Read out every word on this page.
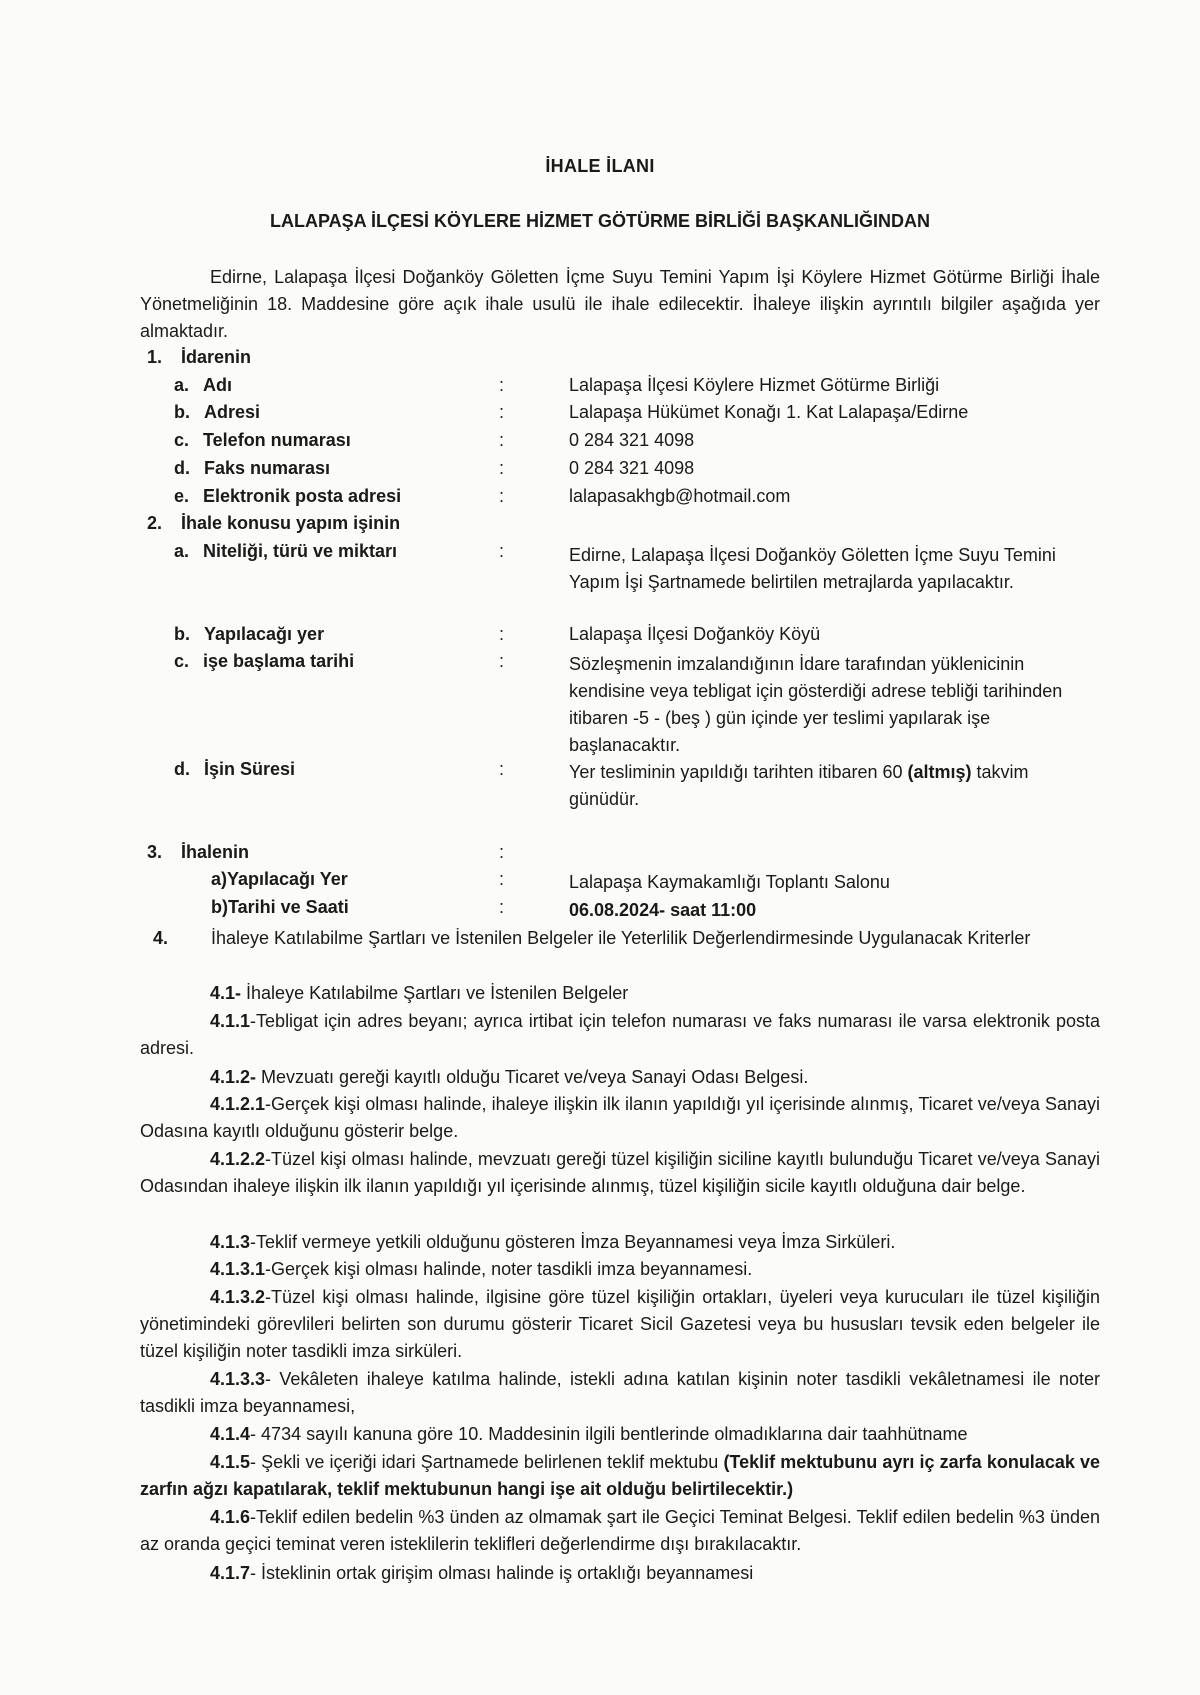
İHALE İLANI
LALAPAŞA İLÇESİ KÖYLERE HİZMET GÖTÜRME BİRLİĞİ BAŞKANLIĞINDAN
Edirne, Lalapaşa İlçesi Doğanköy Göletten İçme Suyu Temini Yapım İşi Köylere Hizmet Götürme Birliği İhale Yönetmeliğinin 18. Maddesine göre açık ihale usulü ile ihale edilecektir. İhaleye ilişkin ayrıntılı bilgiler aşağıda yer almaktadır.
1. İdarenin
a. Adı	:	Lalapaşa İlçesi Köylere Hizmet Götürme Birliği
b. Adresi	:	Lalapaşa Hükümet Konağı 1. Kat Lalapaşa/Edirne
c. Telefon numarası	:	0 284 321 4098
d. Faks numarası	:	0 284 321 4098
e. Elektronik posta adresi	:	lalapasakhgb@hotmail.com
2. İhale konusu yapım işinin
a. Niteliği, türü ve miktarı	:	Edirne, Lalapaşa İlçesi Doğanköy Göletten İçme Suyu Temini Yapım İşi Şartnamede belirtilen metrajlarda yapılacaktır.
b. Yapılacağı yer	:	Lalapaşa İlçesi Doğanköy Köyü
c. işe başlama tarihi	:	Sözleşmenin imzalandığının İdare tarafından yüklenicinin kendisine veya tebligat için gösterdiği adrese tebliği tarihinden itibaren -5 - (beş ) gün içinde yer teslimi yapılarak işe başlanacaktır.
d. İşin Süresi	:	Yer tesliminin yapıldığı tarihten itibaren 60 (altmış) takvim günüdür.
3. İhalenin	:
a)Yapılacağı Yer	:	Lalapaşa Kaymakamlığı Toplantı Salonu
b)Tarihi ve Saati	:	06.08.2024- saat 11:00
4. İhaleye Katılabilme Şartları ve İstenilen Belgeler ile Yeterlilik Değerlendirmesinde Uygulanacak Kriterler
4.1- İhaleye Katılabilme Şartları ve İstenilen Belgeler
4.1.1-Tebligat için adres beyanı; ayrıca irtibat için telefon numarası ve faks numarası ile varsa elektronik posta adresi.
4.1.2- Mevzuatı gereği kayıtlı olduğu Ticaret ve/veya Sanayi Odası Belgesi.
4.1.2.1-Gerçek kişi olması halinde, ihaleye ilişkin ilk ilanın yapıldığı yıl içerisinde alınmış, Ticaret ve/veya Sanayi Odasına kayıtlı olduğunu gösterir belge.
4.1.2.2-Tüzel kişi olması halinde, mevzuatı gereği tüzel kişiliğin siciline kayıtlı bulunduğu Ticaret ve/veya Sanayi Odasından ihaleye ilişkin ilk ilanın yapıldığı yıl içerisinde alınmış, tüzel kişiliğin sicile kayıtlı olduğuna dair belge.
4.1.3-Teklif vermeye yetkili olduğunu gösteren İmza Beyannamesi veya İmza Sirküleri.
4.1.3.1-Gerçek kişi olması halinde, noter tasdikli imza beyannamesi.
4.1.3.2-Tüzel kişi olması halinde, ilgisine göre tüzel kişiliğin ortakları, üyeleri veya kurucuları ile tüzel kişiliğin yönetimindeki görevlileri belirten son durumu gösterir Ticaret Sicil Gazetesi veya bu hususları tevsik eden belgeler ile tüzel kişiliğin noter tasdikli imza sirküleri.
4.1.3.3- Vekâleten ihaleye katılma halinde, istekli adına katılan kişinin noter tasdikli vekâletnamesi ile noter tasdikli imza beyannamesi,
4.1.4- 4734 sayılı kanuna göre 10. Maddesinin ilgili bentlerinde olmadıklarına dair taahhütname
4.1.5- Şekli ve içeriği idari Şartnamede belirlenen teklif mektubu (Teklif mektubunu ayrı iç zarfa konulacak ve zarfın ağzı kapatılarak, teklif mektubunun hangi işe ait olduğu belirtilecektir.)
4.1.6-Teklif edilen bedelin %3 ünden az olmamak şart ile Geçici Teminat Belgesi. Teklif edilen bedelin %3 ünden az oranda geçici teminat veren isteklilerin teklifleri değerlendirme dışı bırakılacaktır.
4.1.7- İsteklinin ortak girişim olması halinde iş ortaklığı beyannamesi
